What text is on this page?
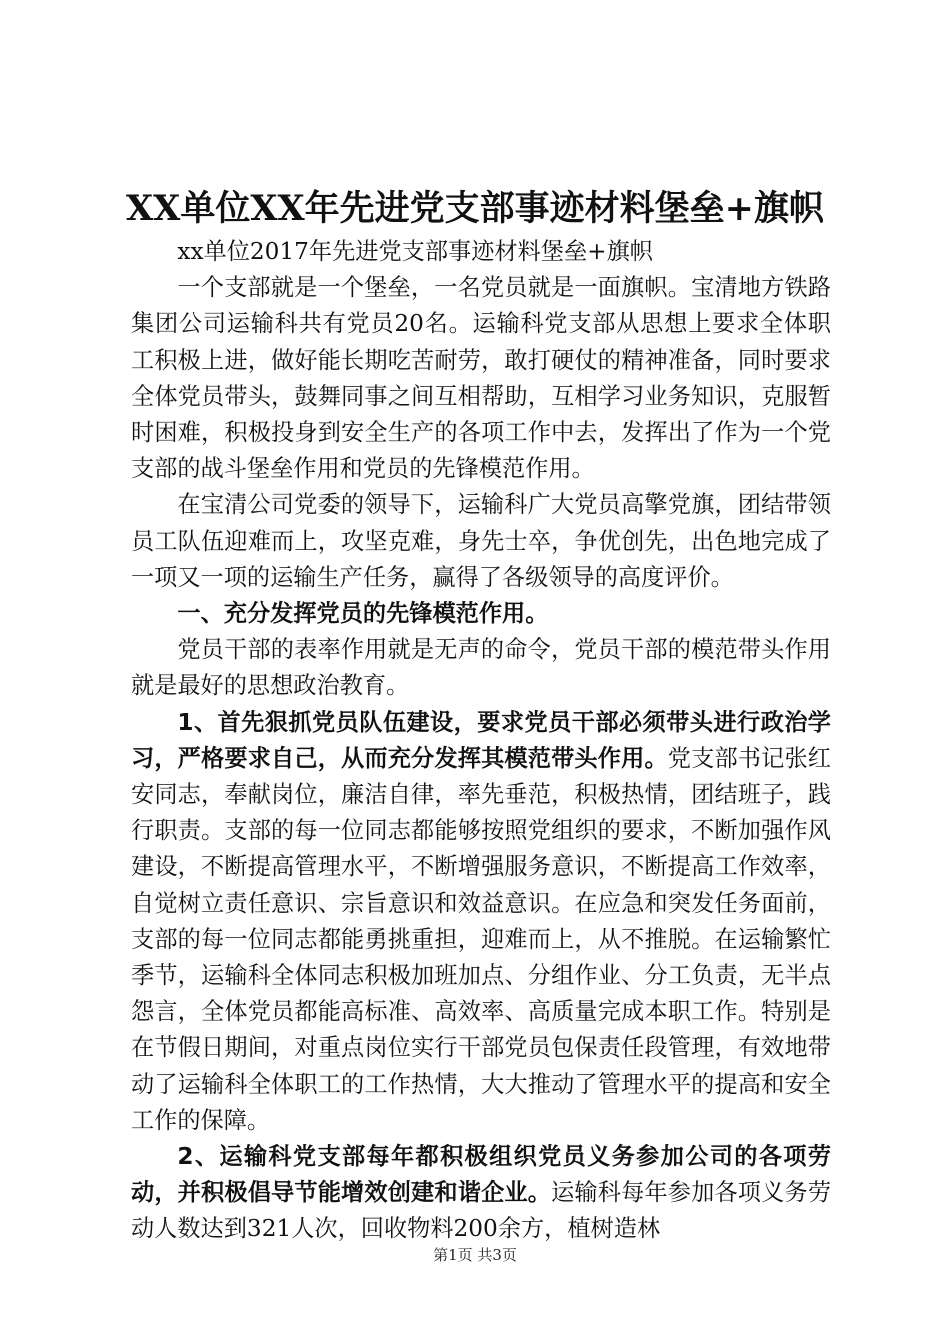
XX单位XX年先进党支部事迹材料堡垒+旗帜

xx单位2017年先进党支部事迹材料堡垒+旗帜

一个支部就是一个堡垒，一名党员就是一面旗帜。宝清地方铁路集团公司运输科共有党员20名。运输科党支部从思想上要求全体职工积极上进，做好能长期吃苦耐劳，敢打硬仗的精神准备，同时要求全体党员带头，鼓舞同事之间互相帮助，互相学习业务知识，克服暂时困难，积极投身到安全生产的各项工作中去，发挥出了作为一个党支部的战斗堡垒作用和党员的先锋模范作用。

在宝清公司党委的领导下，运输科广大党员高擎党旗，团结带领员工队伍迎难而上，攻坚克难，身先士卒，争优创先，出色地完成了一项又一项的运输生产任务，赢得了各级领导的高度评价。

一、充分发挥党员的先锋模范作用。

党员干部的表率作用就是无声的命令，党员干部的模范带头作用就是最好的思想政治教育。

1、首先狠抓党员队伍建设，要求党员干部必须带头进行政治学习，严格要求自己，从而充分发挥其模范带头作用。党支部书记张红安同志，奉献岗位，廉洁自律，率先垂范，积极热情，团结班子，践行职责。支部的每一位同志都能够按照党组织的要求，不断加强作风建设，不断提高管理水平，不断增强服务意识，不断提高工作效率，自觉树立责任意识、宗旨意识和效益意识。在应急和突发任务面前，支部的每一位同志都能勇挑重担，迎难而上，从不推脱。在运输繁忙季节，运输科全体同志积极加班加点、分组作业、分工负责，无半点怨言，全体党员都能高标准、高效率、高质量完成本职工作。特别是在节假日期间，对重点岗位实行干部党员包保责任段管理，有效地带动了运输科全体职工的工作热情，大大推动了管理水平的提高和安全工作的保障。

2、运输科党支部每年都积极组织党员义务参加公司的各项劳动，并积极倡导节能增效创建和谐企业。运输科每年参加各项义务劳动人数达到321人次，回收物料200余方，植树造林

第1页 共3页
